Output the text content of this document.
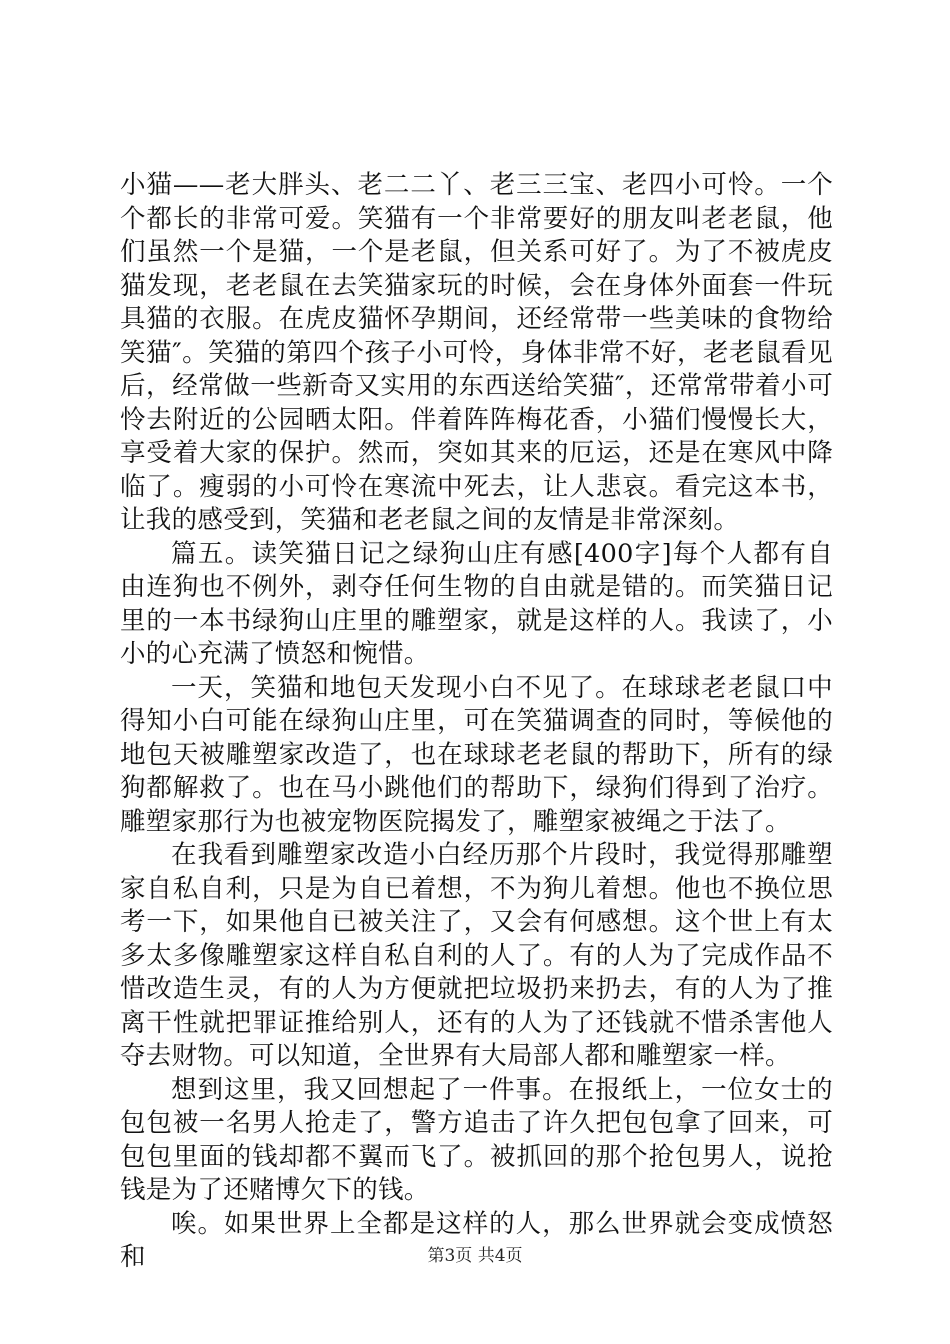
小猫——老大胖头、老二二丫、老三三宝、老四小可怜。一个个都长的非常可爱。笑猫有一个非常要好的朋友叫老老鼠，他们虽然一个是猫，一个是老鼠，但关系可好了。为了不被虎皮猫发现，老老鼠在去笑猫家玩的时候，会在身体外面套一件玩具猫的衣服。在虎皮猫怀孕期间，还经常带一些美味的食物给笑猫″。笑猫的第四个孩子小可怜，身体非常不好，老老鼠看见后，经常做一些新奇又实用的东西送给笑猫″，还常常带着小可怜去附近的公园晒太阳。伴着阵阵梅花香，小猫们慢慢长大，享受着大家的保护。然而，突如其来的厄运，还是在寒风中降临了。瘦弱的小可怜在寒流中死去，让人悲哀。看完这本书，让我的感受到，笑猫和老老鼠之间的友情是非常深刻。

篇五。读笑猫日记之绿狗山庄有感[400字]每个人都有自由连狗也不例外，剥夺任何生物的自由就是错的。而笑猫日记里的一本书绿狗山庄里的雕塑家，就是这样的人。我读了，小小的心充满了愤怒和惋惜。

一天，笑猫和地包天发现小白不见了。在球球老老鼠口中得知小白可能在绿狗山庄里，可在笑猫调查的同时，等候他的地包天被雕塑家改造了，也在球球老老鼠的帮助下，所有的绿狗都解救了。也在马小跳他们的帮助下，绿狗们得到了治疗。雕塑家那行为也被宠物医院揭发了，雕塑家被绳之于法了。

在我看到雕塑家改造小白经历那个片段时，我觉得那雕塑家自私自利，只是为自已着想，不为狗儿着想。他也不换位思考一下，如果他自已被关注了，又会有何感想。这个世上有太多太多像雕塑家这样自私自利的人了。有的人为了完成作品不惜改造生灵，有的人为方便就把垃圾扔来扔去，有的人为了推离干性就把罪证推给别人，还有的人为了还钱就不惜杀害他人夺去财物。可以知道，全世界有大局部人都和雕塑家一样。

想到这里，我又回想起了一件事。在报纸上，一位女士的包包被一名男人抢走了，警方追击了许久把包包拿了回来，可包包里面的钱却都不翼而飞了。被抓回的那个抢包男人，说抢钱是为了还赌博欠下的钱。

唉。如果世界上全都是这样的人，那么世界就会变成愤怒和	第3页 共4页
